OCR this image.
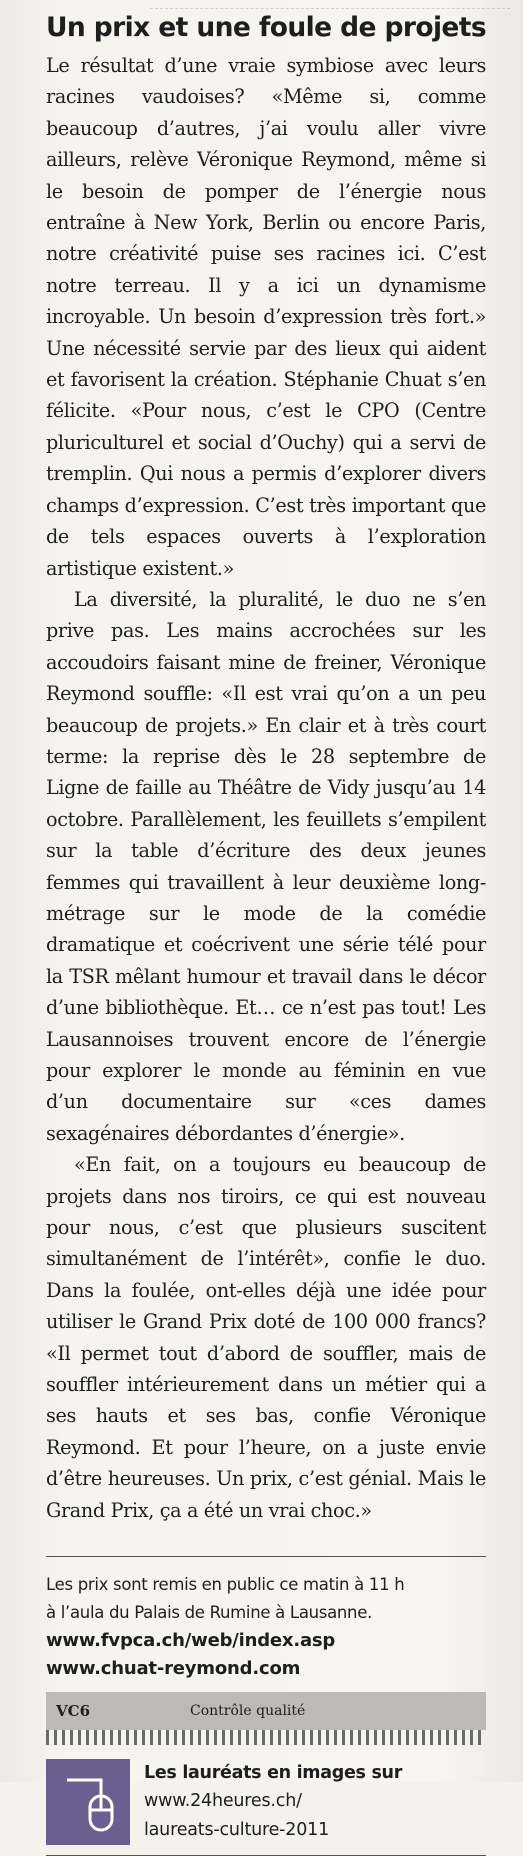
Un prix et une foule de projets

Le résultat d’une vraie symbiose avec leurs racines vaudoises? «Même si, comme beaucoup d’autres, j’ai voulu aller vivre ailleurs, relève Véronique Reymond, même si le besoin de pomper de l’énergie nous entraîne à New York, Berlin ou encore Paris, notre créativité puise ses racines ici. C’est notre terreau. Il y a ici un dynamisme incroyable. Un besoin d’expression très fort.» Une nécessité servie par des lieux qui aident et favorisent la création. Stéphanie Chuat s’en félicite. «Pour nous, c’est le CPO (Centre pluriculturel et social d’Ouchy) qui a servi de tremplin. Qui nous a permis d’explorer divers champs d’expression. C’est très important que de tels espaces ouverts à l’exploration artistique existent.»

La diversité, la pluralité, le duo ne s’en prive pas. Les mains accrochées sur les accoudoirs faisant mine de freiner, Véronique Reymond souffle: «Il est vrai qu’on a un peu beaucoup de projets.» En clair et à très court terme: la reprise dès le 28 septembre de Ligne de faille au Théâtre de Vidy jusqu’au 14 octobre. Parallèlement, les feuillets s’empilent sur la table d’écriture des deux jeunes femmes qui travaillent à leur deuxième long-métrage sur le mode de la comédie dramatique et coécrivent une série télé pour la TSR mêlant humour et travail dans le décor d’une bibliothèque. Et… ce n’est pas tout! Les Lausannoises trouvent encore de l’énergie pour explorer le monde au féminin en vue d’un documentaire sur «ces dames sexagénaires débordantes d’énergie».

«En fait, on a toujours eu beaucoup de projets dans nos tiroirs, ce qui est nouveau pour nous, c’est que plusieurs suscitent simultanément de l’intérêt», confie le duo. Dans la foulée, ont-elles déjà une idée pour utiliser le Grand Prix doté de 100 000 francs? «Il permet tout d’abord de souffler, mais de souffler intérieurement dans un métier qui a ses hauts et ses bas, confie Véronique Reymond. Et pour l’heure, on a juste envie d’être heureuses. Un prix, c’est génial. Mais le Grand Prix, ça a été un vrai choc.»

Les prix sont remis en public ce matin à 11 h
à l’aula du Palais de Rumine à Lausanne.
www.fvpca.ch/web/index.asp
www.chuat-reymond.com
Les lauréats en images sur
www.24heures.ch/
laureats-culture-2011
VC6	Contrôle qualité
